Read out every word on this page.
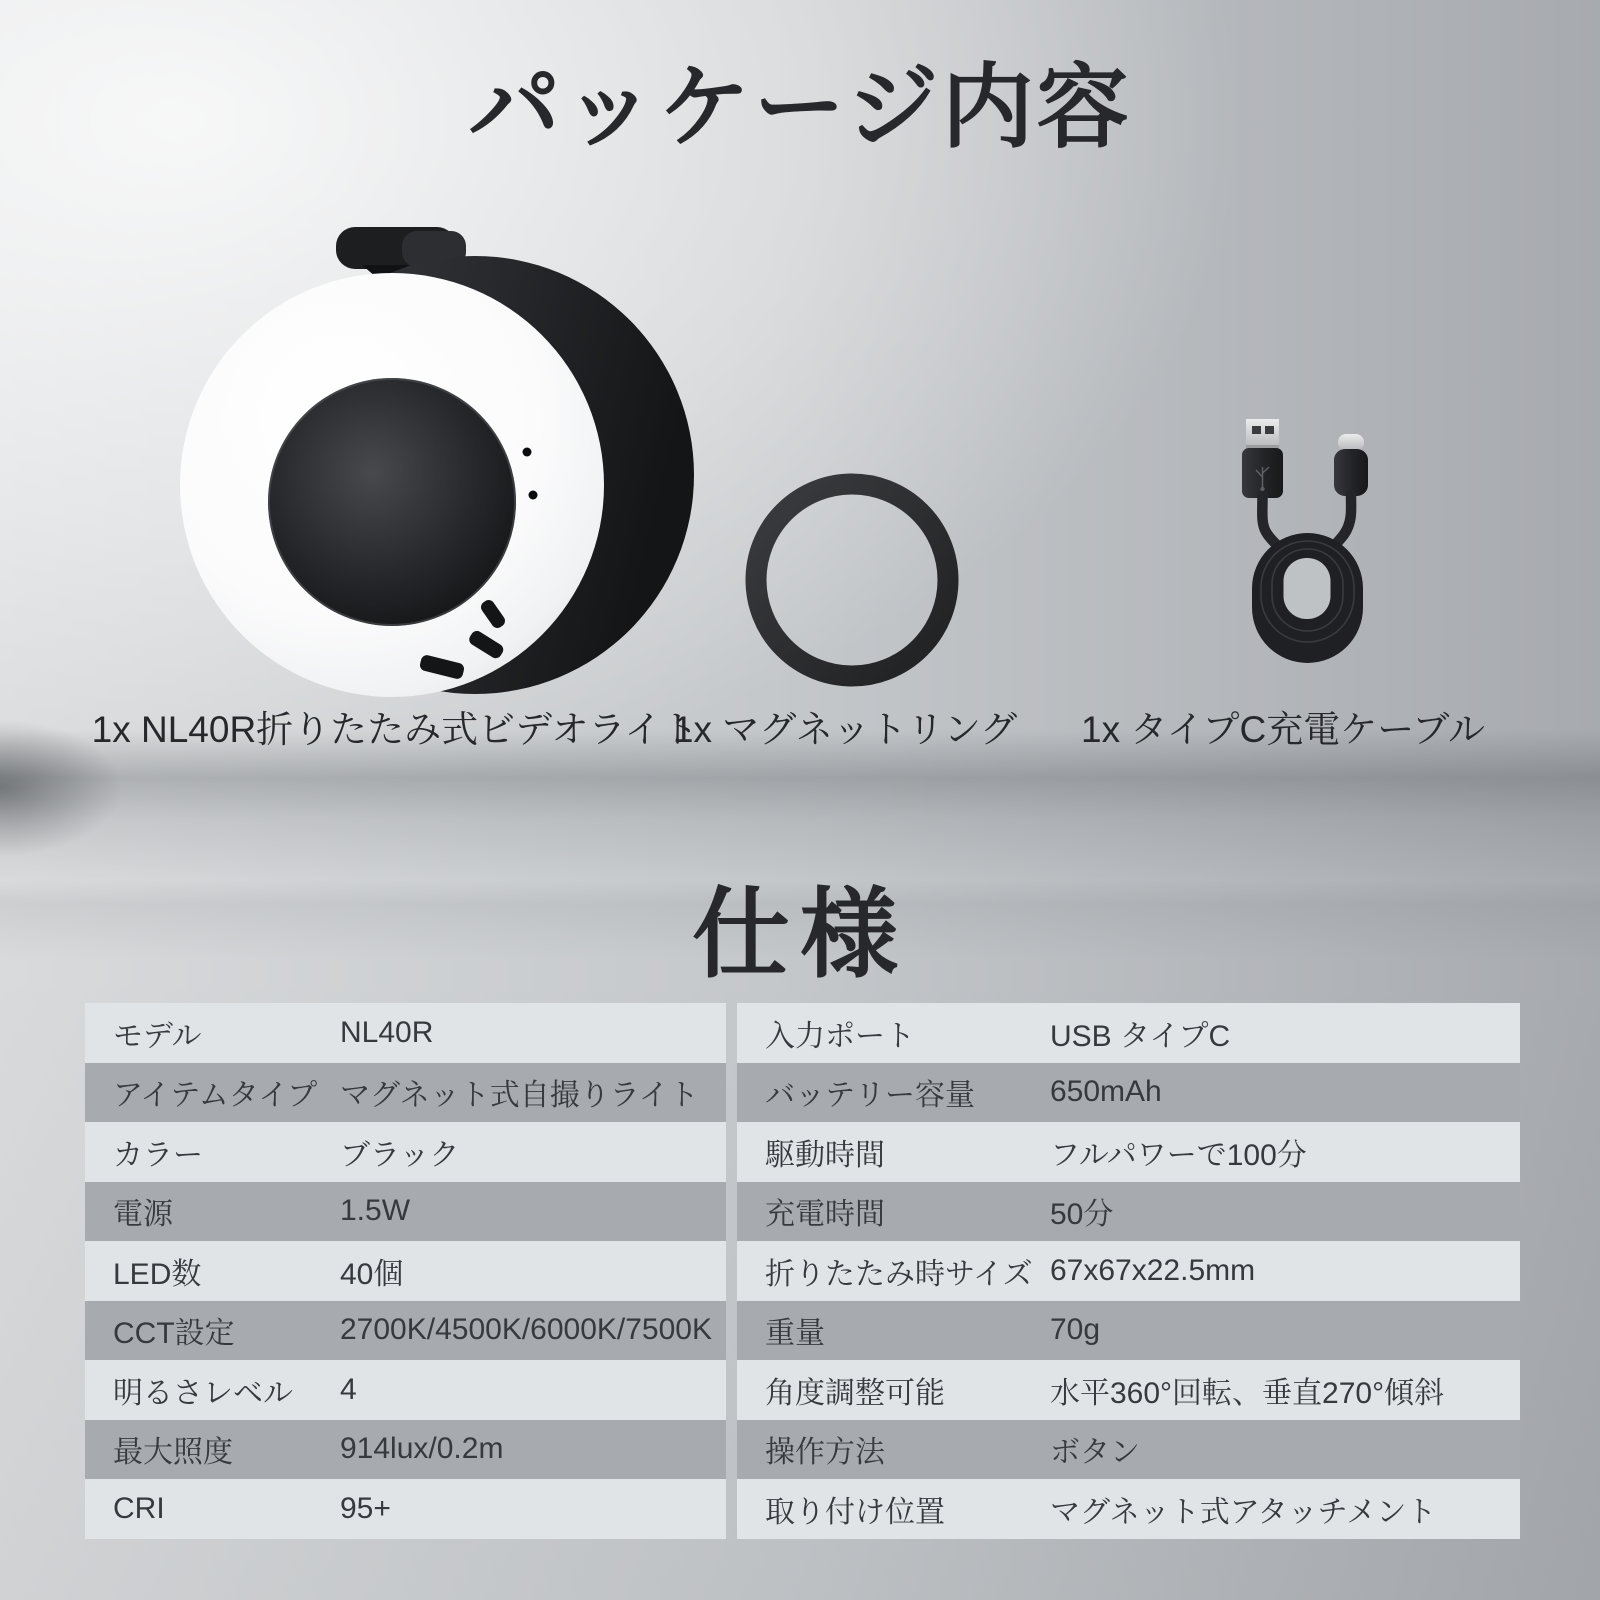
パッケージ内容
1x NL40R折りたたみ式ビデオライト
1x マグネットリング 1x タイプC充電ケーブル
仕様
モデル	NL40R
アイテムタイプ マグネット式自撮りライト
カラー	ブラック
電源	1.5W
LED数	40個
CCT設定	2700K/4500K/6000K/7500K
明るさレベル	4
最大照度	914lux/0.2m
CRI	95+
入力ポート	USB タイプC
バッテリー容量	650mAh
駆動時間	フルパワーで100分
充電時間	50分
折りたたみ時サイズ 67x67x22.5mm
重量	70g
角度調整可能	水平360°回転、垂直270°傾斜
操作方法	ボタン
取り付け位置	マグネット式アタッチメント
